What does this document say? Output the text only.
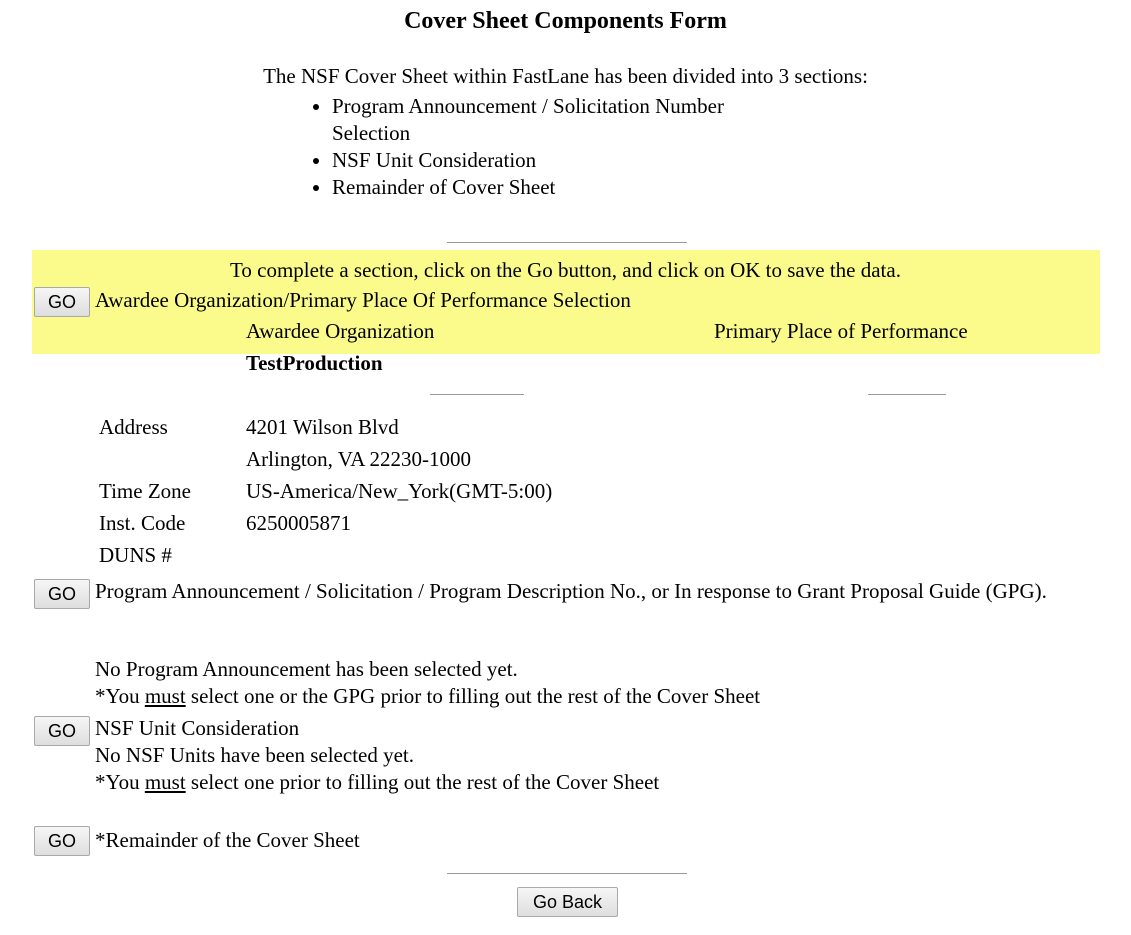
Cover Sheet Components Form
The NSF Cover Sheet within FastLane has been divided into 3 sections:
• Program Announcement / Solicitation Number Selection
• NSF Unit Consideration
• Remainder of Cover Sheet
To complete a section, click on the Go button, and click on OK to save the data.
GO Awardee Organization/Primary Place Of Performance Selection
Awardee Organization	Primary Place of Performance
TestProduction
Address	4201 Wilson Blvd
Arlington, VA 22230-1000
Time Zone	US-America/New_York(GMT-5:00)
Inst. Code	6250005871
DUNS #
GO Program Announcement / Solicitation / Program Description No., or In response to Grant Proposal Guide (GPG).
No Program Announcement has been selected yet.
*You must select one or the GPG prior to filling out the rest of the Cover Sheet
GO NSF Unit Consideration
No NSF Units have been selected yet.
*You must select one prior to filling out the rest of the Cover Sheet
GO *Remainder of the Cover Sheet
Go Back
